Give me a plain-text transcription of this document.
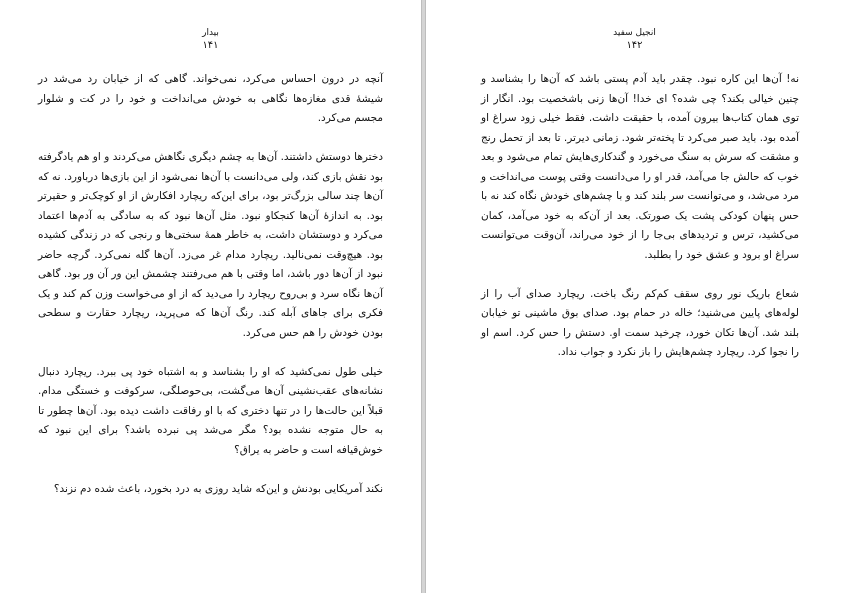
بیدار
۱۴۱

آنچه در درون احساس می‌کرد، نمی‌خواند. گاهی که از خیابان رد می‌شد در شیشهٔ قدی مغازه‌ها نگاهی به خودش می‌انداخت و خود را در کت و شلوار مجسم می‌کرد.

دخترها دوستش داشتند. آن‌ها به چشم دیگری نگاهش می‌کردند و او هم یادگرفته بود نقش بازی کند، ولی می‌دانست با آن‌ها نمی‌شود از این بازی‌ها درباورد. نه که آن‌ها چند سالی بزرگ‌تر بود، برای این‌که ریچارد افکارش از او کوچک‌تر و حقیرتر بود. به اندازهٔ آن‌ها کنجکاو نبود. مثل آن‌ها نبود که به سادگی به آدم‌ها اعتماد می‌کرد و دوستشان داشت، به خاطر همهٔ سختی‌ها و رنجی که در زندگی کشیده بود. هیچ‌وقت نمی‌نالید. ریچارد مدام غر می‌زد. آن‌ها گله نمی‌کرد. گرچه حاضر نبود از آن‌ها دور باشد، اما وقتی با هم می‌رفتند چشمش این ور آن ور بود. گاهی آن‌ها نگاه سرد و بی‌روح ریچارد را می‌دید که از او می‌خواست وزن کم کند و یک فکری برای جاهای آبله کند. رنگ آن‌ها که می‌پرید، ریچارد حقارت و سطحی بودن خودش را هم حس می‌کرد.

خیلی طول نمی‌کشید که او را بشناسد و به اشتباه خود پی ببرد. ریچارد دنبال نشانه‌های عقب‌نشینی آن‌ها می‌گشت، بی‌حوصلگی، سرکوفت و خستگی مدام. قبلاً این حالت‌ها را در تنها دختری که با او رفاقت داشت دیده بود. آن‌ها چطور تا به حال متوجه نشده بود؟ مگر می‌شد پی نبرده باشد؟ برای این نبود که خوش‌قیافه است و حاضر به یراق؟

نکند آمریکایی بودنش و این‌که شاید روزی به درد بخورد، باعث شده دم نزند؟

انجیل سفید
۱۴۲

نه! آن‌ها این کاره نبود. چقدر باید آدم پستی باشد که آن‌ها را بشناسد و چنین خیالی بکند؟ چی شده؟ ای خدا! آن‌ها زنی باشخصیت بود. انگار از توی همان کتاب‌ها بیرون آمده، با حقیقت داشت. فقط خیلی زود سراغ او آمده بود. باید صبر می‌کرد تا پخته‌تر شود. زمانی دیرتر. تا بعد از تحمل رنج و مشقت که سرش به سنگ می‌خورد و گندکاری‌هایش تمام می‌شود و بعد خوب که حالش جا می‌آمد، قدر او را می‌دانست وقتی پوست می‌انداخت و مرد می‌شد، و می‌توانست سر بلند کند و با چشم‌های خودش نگاه کند نه با حس پنهان کودکی پشت یک صورتک. بعد از آن‌که به خود می‌آمد، کمان می‌کشید، ترس و تردیدهای بی‌جا را از خود می‌راند، آن‌وقت می‌توانست سراغ او برود و عشق خود را بطلبد.

شعاع باریک نور روی سقف کم‌کم رنگ باخت. ریچارد صدای آب را از لوله‌های پایین می‌شنید؛ خاله در حمام بود. صدای بوق ماشینی تو خیابان بلند شد. آن‌ها تکان خورد، چرخید سمت او. دستش را حس کرد. اسم او را نجوا کرد. ریچارد چشم‌هایش را باز نکرد و جواب نداد.
